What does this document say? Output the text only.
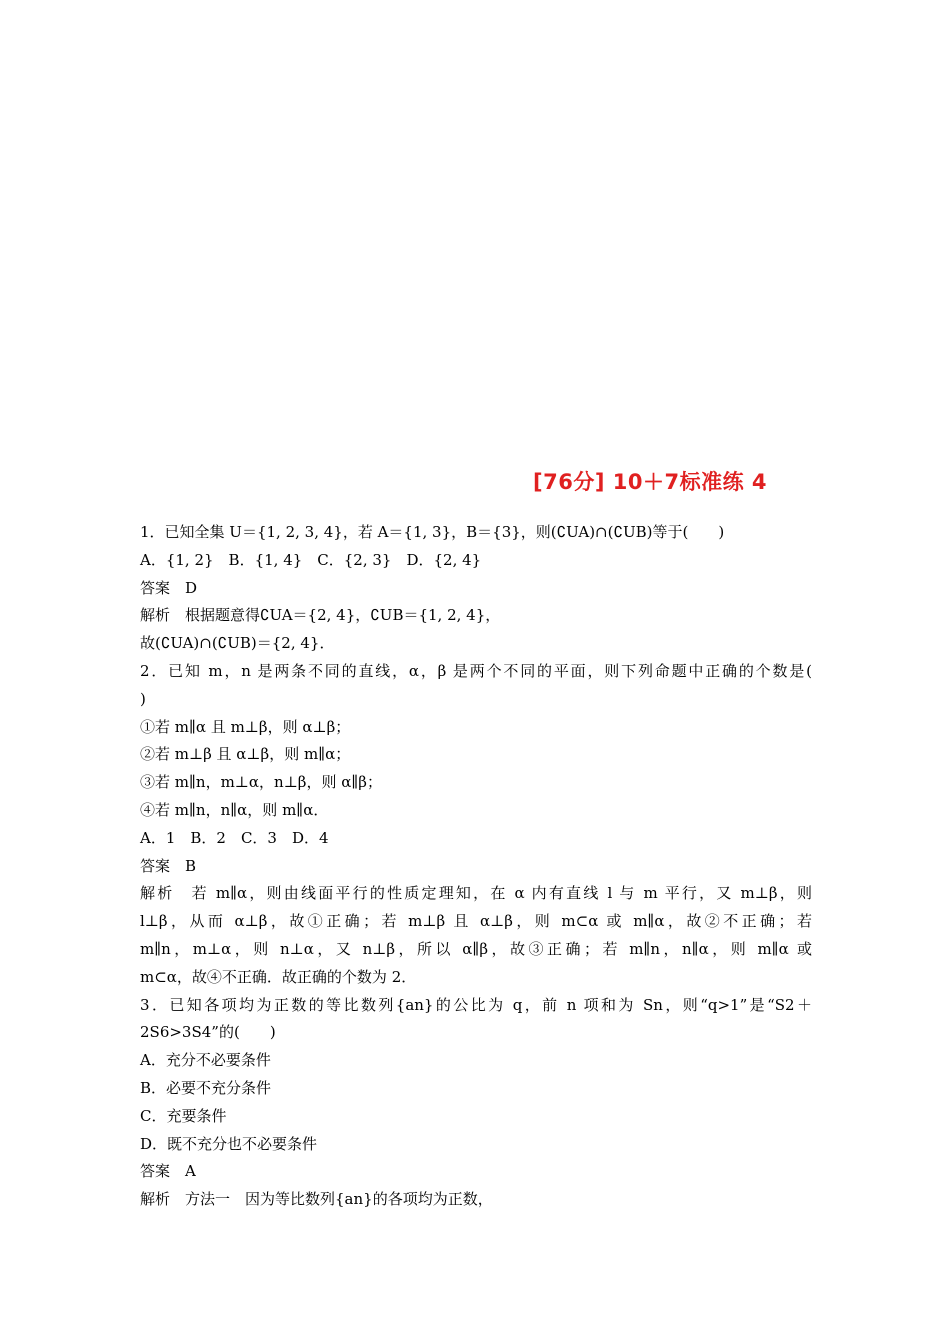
[76分] 10＋7标准练 4
1．已知全集 U＝{1, 2, 3, 4}，若 A＝{1, 3}，B＝{3}，则(∁UA)∩(∁UB)等于(　　)
A．{1, 2}　B．{1, 4}　C．{2, 3}　D．{2, 4}
答案　D
解析　根据题意得∁UA＝{2, 4}，∁UB＝{1, 2, 4}，
故(∁UA)∩(∁UB)＝{2, 4}．
2．已知 m，n 是两条不同的直线，α，β 是两个不同的平面，则下列命题中正确的个数是(
)
①若 m∥α 且 m⊥β，则 α⊥β；
②若 m⊥β 且 α⊥β，则 m∥α；
③若 m∥n，m⊥α，n⊥β，则 α∥β；
④若 m∥n，n∥α，则 m∥α．
A．1　B．2　C．3　D．4
答案　B
解析　若 m∥α，则由线面平行的性质定理知，在 α 内有直线 l 与 m 平行，又 m⊥β，则
l⊥β，从而 α⊥β，故①正确；若 m⊥β 且 α⊥β，则 m⊂α 或 m∥α，故②不正确；若
m∥n，m⊥α，则 n⊥α，又 n⊥β，所以 α∥β，故③正确；若 m∥n，n∥α，则 m∥α 或
m⊂α，故④不正确．故正确的个数为 2．
3．已知各项均为正数的等比数列{an}的公比为 q，前 n 项和为 Sn，则“q>1”是“S2＋
2S6>3S4”的(　　)
A．充分不必要条件
B．必要不充分条件
C．充要条件
D．既不充分也不必要条件
答案　A
解析　方法一　因为等比数列{an}的各项均为正数，
